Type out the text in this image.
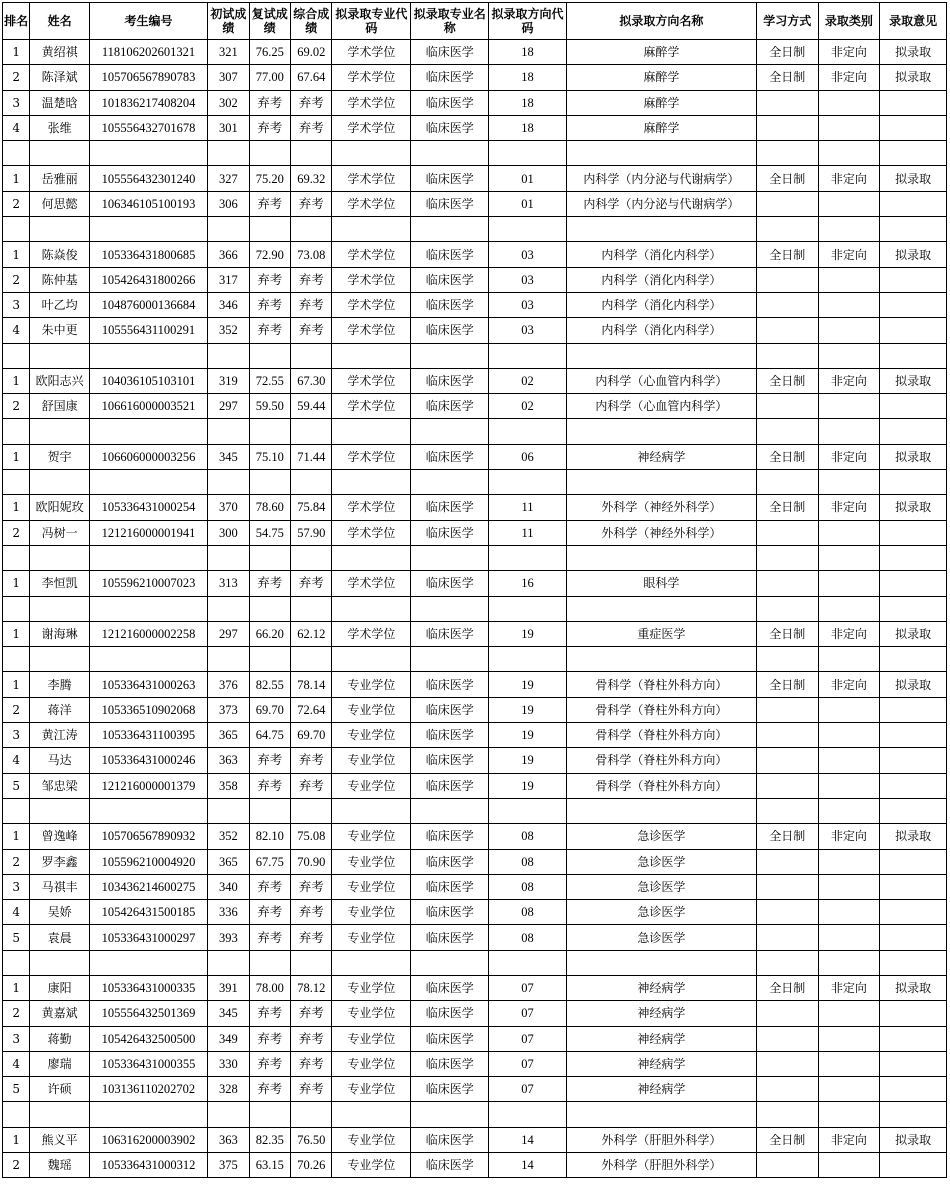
排名	姓名	考生编号	初试成绩	复试成绩	综合成绩	拟录取专业代码	拟录取专业名称	拟录取方向代码	拟录取方向名称	学习方式	录取类别	录取意见
1	黄绍祺	118106202601321	321	76.25	69.02	学术学位	临床医学	18	麻醉学	全日制	非定向	拟录取
2	陈泽斌	105706567890783	307	77.00	67.64	学术学位	临床医学	18	麻醉学	全日制	非定向	拟录取
3	温楚晗	101836217408204	302	弃考	弃考	学术学位	临床医学	18	麻醉学			
4	张维	105556432701678	301	弃考	弃考	学术学位	临床医学	18	麻醉学			

1	岳雅丽	105556432301240	327	75.20	69.32	学术学位	临床医学	01	内科学（内分泌与代谢病学）	全日制	非定向	拟录取
2	何思懿	106346105100193	306	弃考	弃考	学术学位	临床医学	01	内科学（内分泌与代谢病学）			

1	陈焱俊	105336431800685	366	72.90	73.08	学术学位	临床医学	03	内科学（消化内科学）	全日制	非定向	拟录取
2	陈仲基	105426431800266	317	弃考	弃考	学术学位	临床医学	03	内科学（消化内科学）			
3	叶乙均	104876000136684	346	弃考	弃考	学术学位	临床医学	03	内科学（消化内科学）			
4	朱中更	105556431100291	352	弃考	弃考	学术学位	临床医学	03	内科学（消化内科学）			

1	欧阳志兴	104036105103101	319	72.55	67.30	学术学位	临床医学	02	内科学（心血管内科学）	全日制	非定向	拟录取
2	舒国康	106616000003521	297	59.50	59.44	学术学位	临床医学	02	内科学（心血管内科学）			

1	贺宇	106606000003256	345	75.10	71.44	学术学位	临床医学	06	神经病学	全日制	非定向	拟录取

1	欧阳妮玫	105336431000254	370	78.60	75.84	学术学位	临床医学	11	外科学（神经外科学）	全日制	非定向	拟录取
2	冯树一	121216000001941	300	54.75	57.90	学术学位	临床医学	11	外科学（神经外科学）			

1	李恒凯	105596210007023	313	弃考	弃考	学术学位	临床医学	16	眼科学			

1	谢海琳	121216000002258	297	66.20	62.12	学术学位	临床医学	19	重症医学	全日制	非定向	拟录取

1	李腾	105336431000263	376	82.55	78.14	专业学位	临床医学	19	骨科学（脊柱外科方向）	全日制	非定向	拟录取
2	蒋洋	105336510902068	373	69.70	72.64	专业学位	临床医学	19	骨科学（脊柱外科方向）			
3	黄江涛	105336431100395	365	64.75	69.70	专业学位	临床医学	19	骨科学（脊柱外科方向）			
4	马达	105336431000246	363	弃考	弃考	专业学位	临床医学	19	骨科学（脊柱外科方向）			
5	邹忠梁	121216000001379	358	弃考	弃考	专业学位	临床医学	19	骨科学（脊柱外科方向）			

1	曾逸峰	105706567890932	352	82.10	75.08	专业学位	临床医学	08	急诊医学	全日制	非定向	拟录取
2	罗李鑫	105596210004920	365	67.75	70.90	专业学位	临床医学	08	急诊医学			
3	马祺丰	103436214600275	340	弃考	弃考	专业学位	临床医学	08	急诊医学			
4	吴娇	105426431500185	336	弃考	弃考	专业学位	临床医学	08	急诊医学			
5	袁晨	105336431000297	393	弃考	弃考	专业学位	临床医学	08	急诊医学			

1	康阳	105336431000335	391	78.00	78.12	专业学位	临床医学	07	神经病学	全日制	非定向	拟录取
2	黄嘉斌	105556432501369	345	弃考	弃考	专业学位	临床医学	07	神经病学			
3	蒋勤	105426432500500	349	弃考	弃考	专业学位	临床医学	07	神经病学			
4	廖瑞	105336431000355	330	弃考	弃考	专业学位	临床医学	07	神经病学			
5	许硕	103136110202702	328	弃考	弃考	专业学位	临床医学	07	神经病学			

1	熊义平	106316200003902	363	82.35	76.50	专业学位	临床医学	14	外科学（肝胆外科学）	全日制	非定向	拟录取
2	魏瑶	105336431000312	375	63.15	70.26	专业学位	临床医学	14	外科学（肝胆外科学）			
